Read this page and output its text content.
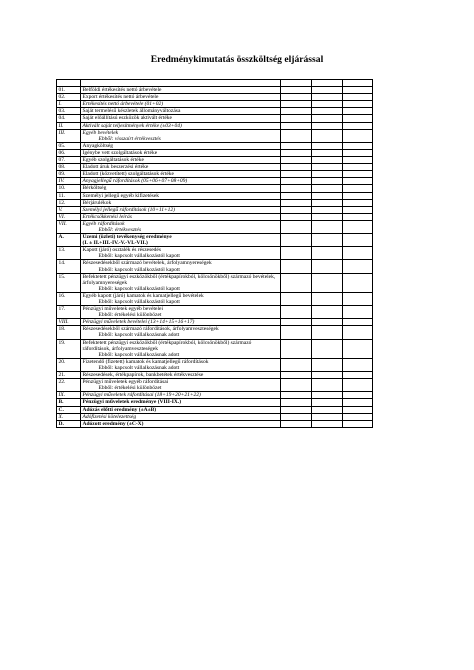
Eredménykimutatás összköltség eljárással

01.	Belföldi értékesítés nettó árbevétele			
02.	Export értékesítés nettó árbevétele			
I.	Értékesítés nettó árbevétele (01+02)			
03.	Saját termelésű készletek állományváltozása			
04.	Saját előállítású eszközök aktivált értéke			
II.	Aktivált saját teljesítmények értéke (±03+04)			
III.	Egyéb bevételek
Ebből: visszaírt értékvesztés			

05.	Anyagköltség			
06.	Igénybe vett szolgáltatások értéke			
07.	Egyéb szolgáltatások értéke			
08.	Eladott áruk beszerzési értéke			
09.	Eladott (közvetített) szolgáltatások értéke			
IV.	Anyagjellegű ráfordítások (05+06+07+08+09)			
10.	Bérköltség			
11.	Személyi jellegű egyéb kifizetések			
12.	Bérjárulékok			
V.	Személyi jellegű ráfordítások (10+11+12)			
VI.	Értékcsökkenési leírás			
VII.	Egyéb ráfordítások
Ebből: értékvesztés			

A.	Üzemi (üzleti) tevékenység eredménye
(I. ± II.+III.-IV.-V.-VI.-VII.)			

13.	Kapott (járó) osztalék és részesedés
Ebből: kapcsolt vállalkozástól kapott			

14.	Részesedésekből származó bevételek, árfolyamnyereségek
Ebből: kapcsolt vállalkozástól kapott			

15.	Befektetett pénzügyi eszközökből (értékpapírokból, kölcsönökből) származó bevételek, árfolyamnyereségek
Ebből: kapcsolt vállalkozástól kapott			

16.	Egyéb kapott (járó) kamatok és kamatjellegű bevételek
Ebből: kapcsolt vállalkozástól kapott			

17.	Pénzügyi műveletek egyéb bevételei
Ebből: értékelési különbözet			

VIII.	Pénzügyi műveletek bevételei (13+14+15+16+17)			
18.	Részesedésekből származó ráfordítások, árfolyamveszteségek
Ebből: kapcsolt vállalkozásnak adott			

19.	Befektetett pénzügyi eszközökből (értékpapírokból, kölcsönökből) származó ráfordítások, árfolyamveszteségek
Ebből: kapcsolt vállalkozásnak adott			

20.	Fizetendő (fizetett) kamatok és kamatjellegű ráfordítások
Ebből: kapcsolt vállalkozásnak adott			

21.	Részesedések, értékpapírok, bankbetétek értékvesztése			
22.	Pénzügyi műveletek egyéb ráfordításai
Ebből: értékelési különbözet			

IX.	Pénzügyi műveletek ráfordításai (18+19+20+21+22)			
B.	Pénzügyi műveletek eredménye (VIII-IX.)			
C.	Adózás előtti eredmény (±A±B)			
X.	Adófizetési kötelezettség			
D.	Adózott eredmény (±C-X)			
